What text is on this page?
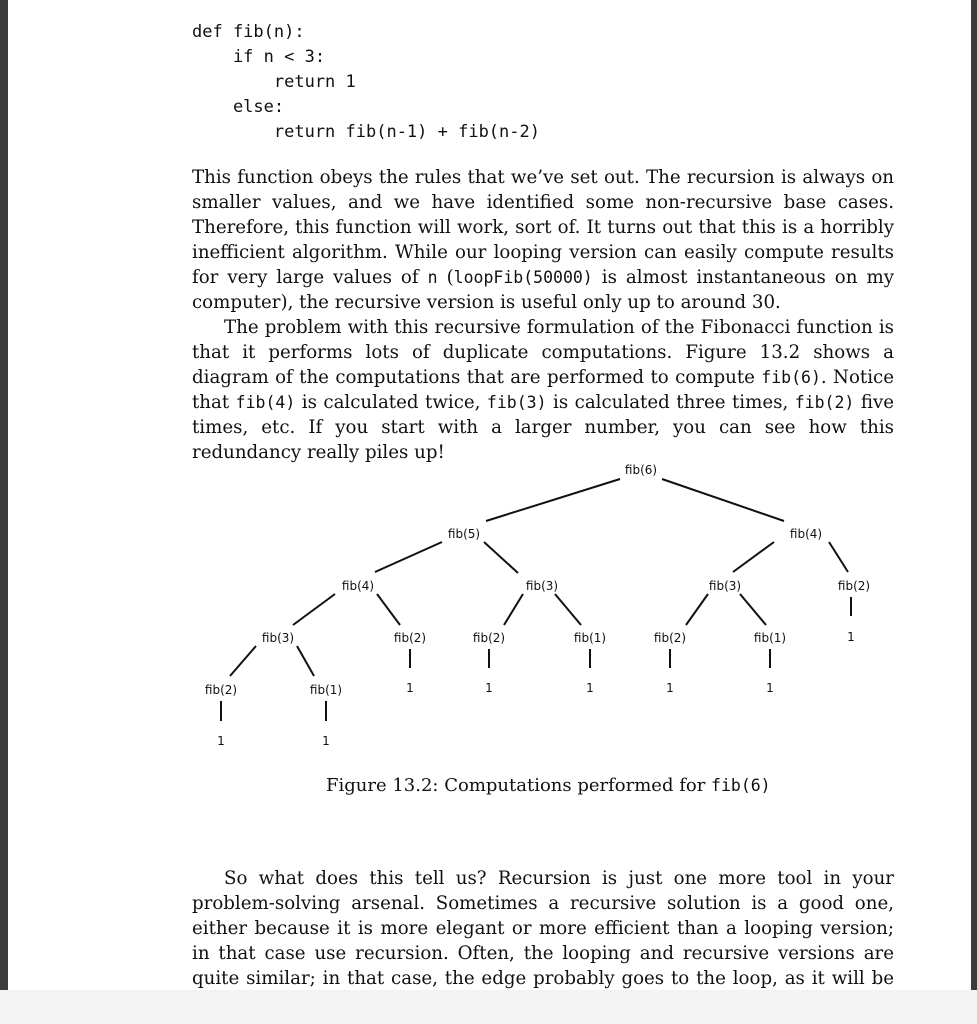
def fib(n):
if n < 3:
return 1
else:
return fib(n-1) + fib(n-2)

This function obeys the rules that we’ve set out. The recursion is always on smaller values, and we have identified some non-recursive base cases. Therefore, this function will work, sort of. It turns out that this is a horribly inefficient algorithm. While our looping version can easily compute results for very large values of n (loopFib(50000) is almost instantaneous on my computer), the recursive version is useful only up to around 30.

The problem with this recursive formulation of the Fibonacci function is that it performs lots of duplicate computations. Figure 13.2 shows a diagram of the computations that are performed to compute fib(6). Notice that fib(4) is calculated twice, fib(3) is calculated three times, fib(2) five times, etc. If you start with a larger number, you can see how this redundancy really piles up!

fib(6)
fib(5)	fib(4)
fib(4)	fib(3)	fib(2)
fib(3)	fib(2)	fib(2)	fib(1)
fib(3)
fib(2)	1
fib(2)	fib(1)	1	1	1
fib(1)
1	1
1	1
Figure 13.2: Computations performed for fib(6)

So what does this tell us? Recursion is just one more tool in your problem-solving arsenal. Sometimes a recursive solution is a good one, either because it is more elegant or more efficient than a looping version; in that case use recursion. Often, the looping and recursive versions are quite similar; in that case, the edge probably goes to the loop, as it will be
